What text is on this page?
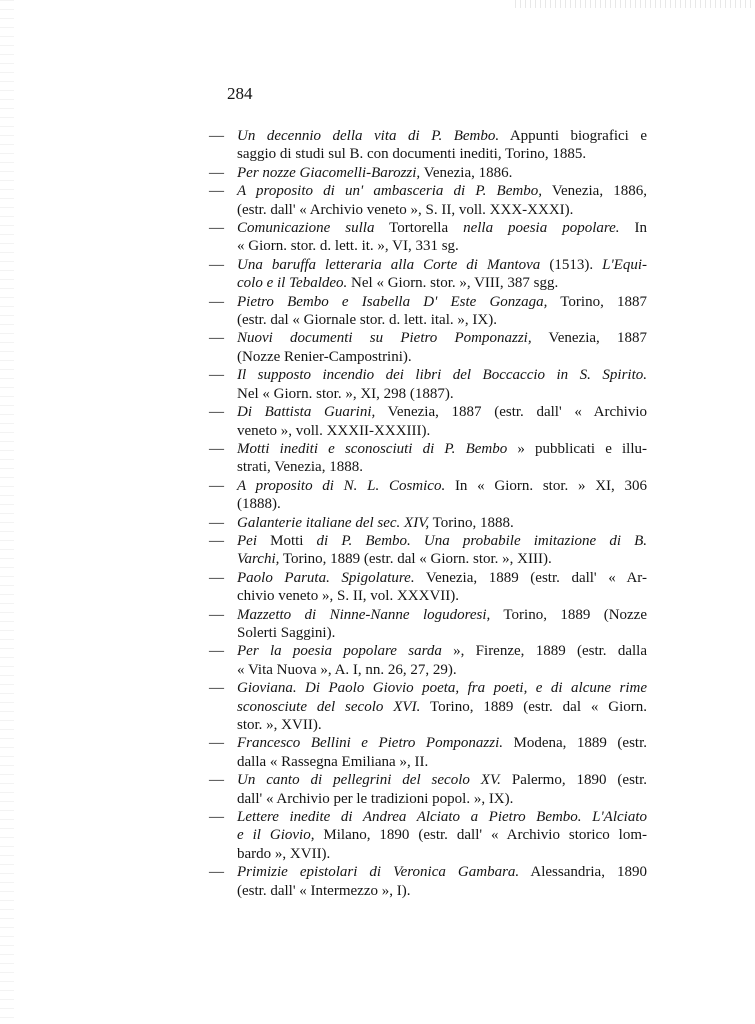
284
— Un decennio della vita di P. Bembo. Appunti biografici e
saggio di studi sul B. con documenti inediti, Torino, 1885.
— Per nozze Giacomelli-Barozzi, Venezia, 1886.
— A proposito di un' ambasceria di P. Bembo, Venezia, 1886,
(estr. dall' « Archivio veneto », S. II, voll. XXX-XXXI).
— Comunicazione sulla Tortorella nella poesia popolare. In
« Giorn. stor. d. lett. it. », VI, 331 sg.
— Una baruffa letteraria alla Corte di Mantova (1513). L'Equi-
colo e il Tebaldeo. Nel « Giorn. stor. », VIII, 387 sgg.
— Pietro Bembo e Isabella D' Este Gonzaga, Torino, 1887
(estr. dal « Giornale stor. d. lett. ital. », IX).
— Nuovi documenti su Pietro Pomponazzi, Venezia, 1887
(Nozze Renier-Campostrini).
— Il supposto incendio dei libri del Boccaccio in S. Spirito.
Nel « Giorn. stor. », XI, 298 (1887).
— Di Battista Guarini, Venezia, 1887 (estr. dall' « Archivio
veneto », voll. XXXII-XXXIII).
— Motti inediti e sconosciuti di P. Bembo » pubblicati e illu-
strati, Venezia, 1888.
— A proposito di N. L. Cosmico. In « Giorn. stor. » XI, 306
(1888).
— Galanterie italiane del sec. XIV, Torino, 1888.
— Pei Motti di P. Bembo. Una probabile imitazione di B.
Varchi, Torino, 1889 (estr. dal « Giorn. stor. », XIII).
— Paolo Paruta. Spigolature. Venezia, 1889 (estr. dall' « Ar-
chivio veneto », S. II, vol. XXXVII).
— Mazzetto di Ninne-Nanne logudoresi, Torino, 1889 (Nozze
Solerti Saggini).
— Per la poesia popolare sarda », Firenze, 1889 (estr. dalla
« Vita Nuova », A. I, nn. 26, 27, 29).
— Gioviana. Di Paolo Giovio poeta, fra poeti, e di alcune rime
sconosciute del secolo XVI. Torino, 1889 (estr. dal « Giorn.
stor. », XVII).
— Francesco Bellini e Pietro Pomponazzi. Modena, 1889 (estr.
dalla « Rassegna Emiliana », II.
— Un canto di pellegrini del secolo XV. Palermo, 1890 (estr.
dall' « Archivio per le tradizioni popol. », IX).
— Lettere inedite di Andrea Alciato a Pietro Bembo. L'Alciato
e il Giovio, Milano, 1890 (estr. dall' « Archivio storico lom-
bardo », XVII).
— Primizie epistolari di Veronica Gambara. Alessandria, 1890
(estr. dall' « Intermezzo », I).
